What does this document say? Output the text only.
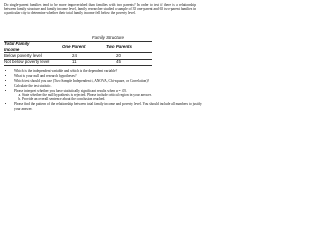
Do single-parent families tend to be more impoverished than families with two parents? In order to test if there is a relationship between family structure and family income level, family researcher studied a sample of 35 one-parent and 65 two-parent families in a particular city to determine whether their total family income fell below the poverty level.

Family Structure
Total Family
Income
One Parent	Two Parents
Below poverty level	24	20
Not below poverty level	11	45
• Which is the independent variable and which is the dependent variable?
• What is your null and research hypotheses?
• Which test should you use (Two Sample Independent t, ANOVA, Chi-square, or Correlation)?
• Calculate the test statistic.
• Please interpret whether you have statistically significant results when α = .05.
a. State whether the null hypothesis is rejected. Please include critical region in your answer.
b. Provide an overall sentence about the conclusion reached.
• Please find the pattern of the relationship between total family income and poverty level. You should include all numbers to justify your answer.
